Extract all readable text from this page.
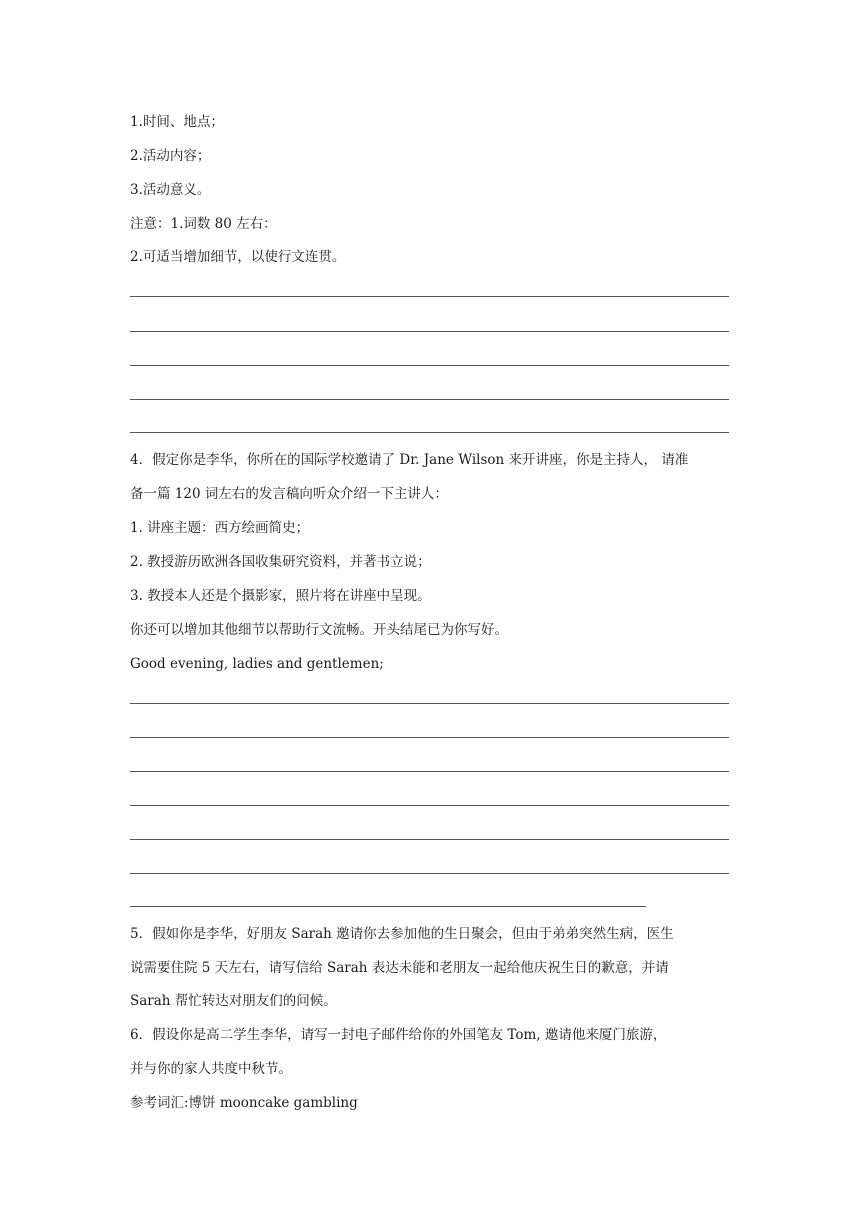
1.时间、地点；
2.活动内容；
3.活动意义。
注意：1.词数 80 左右：
2.可适当增加细节，以使行文连贯。
4．假定你是李华，你所在的国际学校邀请了 Dr. Jane Wilson 来开讲座，你是主持人， 请准
备一篇 120 词左右的发言稿向听众介绍一下主讲人：
1. 讲座主题：西方绘画简史；
2. 教授游历欧洲各国收集研究资料，并著书立说；
3. 教授本人还是个摄影家，照片将在讲座中呈现。
你还可以增加其他细节以帮助行文流畅。开头结尾已为你写好。
Good evening, ladies and gentlemen;
5．假如你是李华，好朋友 Sarah 邀请你去参加他的生日聚会，但由于弟弟突然生病，医生
说需要住院 5 天左右，请写信给 Sarah 表达未能和老朋友一起给他庆祝生日的歉意，并请
Sarah 帮忙转达对朋友们的问候。
6．假设你是高二学生李华，请写一封电子邮件给你的外国笔友 Tom, 邀请他来厦门旅游，
并与你的家人共度中秋节。
参考词汇:博饼 mooncake gambling
